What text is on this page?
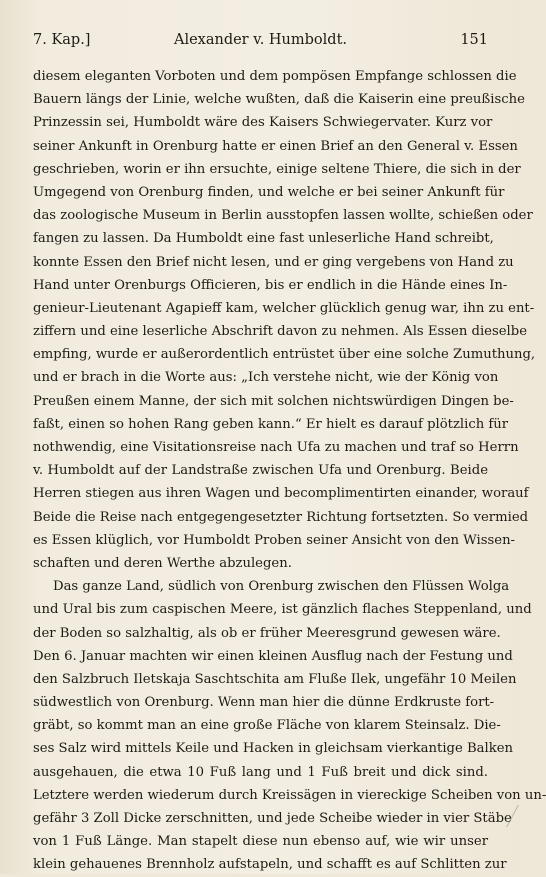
7. Kap.]	Alexander v. Humboldt.	151
diesem eleganten Vorboten und dem pompösen Empfange schlossen die
Bauern längs der Linie, welche wußten, daß die Kaiserin eine preußische
Prinzessin sei, Humboldt wäre des Kaisers Schwiegervater. Kurz vor
seiner Ankunft in Orenburg hatte er einen Brief an den General v. Essen
geschrieben, worin er ihn ersuchte, einige seltene Thiere, die sich in der
Umgegend von Orenburg finden, und welche er bei seiner Ankunft für
das zoologische Museum in Berlin ausstopfen lassen wollte, schießen oder
fangen zu lassen. Da Humboldt eine fast unleserliche Hand schreibt,
konnte Essen den Brief nicht lesen, und er ging vergebens von Hand zu
Hand unter Orenburgs Officieren, bis er endlich in die Hände eines In-
genieur-Lieutenant Agapieff kam, welcher glücklich genug war, ihn zu ent-
ziffern und eine leserliche Abschrift davon zu nehmen. Als Essen dieselbe
empfing, wurde er außerordentlich entrüstet über eine solche Zumuthung,
und er brach in die Worte aus: „Ich verstehe nicht, wie der König von
Preußen einem Manne, der sich mit solchen nichtswürdigen Dingen be-
faßt, einen so hohen Rang geben kann.“ Er hielt es darauf plötzlich für
nothwendig, eine Visitationsreise nach Ufa zu machen und traf so Herrn
v. Humboldt auf der Landstraße zwischen Ufa und Orenburg. Beide
Herren stiegen aus ihren Wagen und becomplimentirten einander, worauf
Beide die Reise nach entgegengesetzter Richtung fortsetzten. So vermied
es Essen klüglich, vor Humboldt Proben seiner Ansicht von den Wissen-
schaften und deren Werthe abzulegen.
Das ganze Land, südlich von Orenburg zwischen den Flüssen Wolga
und Ural bis zum caspischen Meere, ist gänzlich flaches Steppenland, und
der Boden so salzhaltig, als ob er früher Meeresgrund gewesen wäre.
Den 6. Januar machten wir einen kleinen Ausflug nach der Festung und
den Salzbruch Iletskaja Saschtschita am Fluße Ilek, ungefähr 10 Meilen
südwestlich von Orenburg. Wenn man hier die dünne Erdkruste fort-
gräbt, so kommt man an eine große Fläche von klarem Steinsalz. Die-
ses Salz wird mittels Keile und Hacken in gleichsam vierkantige Balken
ausgehauen, die etwa 10 Fuß lang und 1 Fuß breit und dick sind.
Letztere werden wiederum durch Kreissägen in viereckige Scheiben von un-
gefähr 3 Zoll Dicke zerschnitten, und jede Scheibe wieder in vier Stäbe
von 1 Fuß Länge. Man stapelt diese nun ebenso auf, wie wir unser
klein gehauenes Brennholz aufstapeln, und schafft es auf Schlitten zur
